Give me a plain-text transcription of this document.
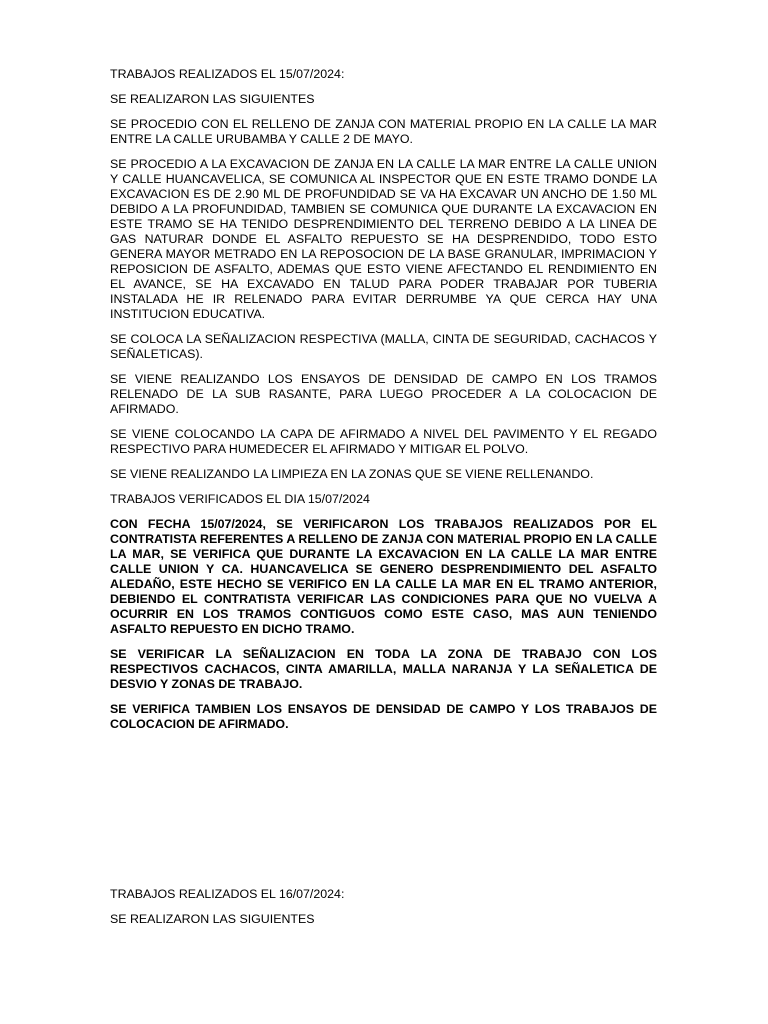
TRABAJOS REALIZADOS EL 15/07/2024:

SE REALIZARON LAS SIGUIENTES

SE PROCEDIO CON EL RELLENO DE ZANJA CON MATERIAL PROPIO EN LA CALLE LA MAR ENTRE LA CALLE URUBAMBA Y CALLE 2 DE MAYO.

SE PROCEDIO A LA EXCAVACION DE ZANJA EN LA CALLE LA MAR ENTRE LA CALLE UNION Y CALLE HUANCAVELICA, SE COMUNICA AL INSPECTOR QUE EN ESTE TRAMO DONDE LA EXCAVACION ES DE 2.90 ML DE PROFUNDIDAD SE VA HA EXCAVAR UN ANCHO DE 1.50 ML DEBIDO A LA PROFUNDIDAD, TAMBIEN SE COMUNICA QUE DURANTE LA EXCAVACION EN ESTE TRAMO SE HA TENIDO DESPRENDIMIENTO DEL TERRENO DEBIDO A LA LINEA DE GAS NATURAR DONDE EL ASFALTO REPUESTO SE HA DESPRENDIDO, TODO ESTO GENERA MAYOR METRADO EN LA REPOSOCION DE LA BASE GRANULAR, IMPRIMACION Y REPOSICION DE ASFALTO, ADEMAS QUE ESTO VIENE AFECTANDO EL RENDIMIENTO EN EL AVANCE, SE HA EXCAVADO EN TALUD PARA PODER TRABAJAR POR TUBERIA INSTALADA HE IR RELENADO PARA EVITAR DERRUMBE YA QUE CERCA HAY UNA INSTITUCION EDUCATIVA.

SE COLOCA LA SEÑALIZACION RESPECTIVA (MALLA, CINTA DE SEGURIDAD, CACHACOS Y SEÑALETICAS).

SE VIENE REALIZANDO LOS ENSAYOS DE DENSIDAD DE CAMPO EN LOS TRAMOS RELENADO DE LA SUB RASANTE, PARA LUEGO PROCEDER A LA COLOCACION DE AFIRMADO.

SE VIENE COLOCANDO LA CAPA DE AFIRMADO A NIVEL DEL PAVIMENTO Y EL REGADO RESPECTIVO PARA HUMEDECER EL AFIRMADO Y MITIGAR EL POLVO.

SE VIENE REALIZANDO LA LIMPIEZA EN LA ZONAS QUE SE VIENE RELLENANDO.

TRABAJOS VERIFICADOS EL DIA 15/07/2024

CON FECHA 15/07/2024, SE VERIFICARON LOS TRABAJOS REALIZADOS POR EL CONTRATISTA REFERENTES A RELLENO DE ZANJA CON MATERIAL PROPIO EN LA CALLE LA MAR, SE VERIFICA QUE DURANTE LA EXCAVACION EN LA CALLE LA MAR ENTRE CALLE UNION Y CA. HUANCAVELICA SE GENERO DESPRENDIMIENTO DEL ASFALTO ALEDAÑO, ESTE HECHO SE VERIFICO EN LA CALLE LA MAR EN EL TRAMO ANTERIOR, DEBIENDO EL CONTRATISTA VERIFICAR LAS CONDICIONES PARA QUE NO VUELVA A OCURRIR EN LOS TRAMOS CONTIGUOS COMO ESTE CASO, MAS AUN TENIENDO ASFALTO REPUESTO EN DICHO TRAMO.

SE VERIFICAR LA SEÑALIZACION EN TODA LA ZONA DE TRABAJO CON LOS RESPECTIVOS CACHACOS, CINTA AMARILLA, MALLA NARANJA Y LA SEÑALETICA DE DESVIO Y ZONAS DE TRABAJO.

SE VERIFICA TAMBIEN LOS ENSAYOS DE DENSIDAD DE CAMPO Y LOS TRABAJOS DE COLOCACION DE AFIRMADO.

TRABAJOS REALIZADOS EL 16/07/2024:

SE REALIZARON LAS SIGUIENTES
